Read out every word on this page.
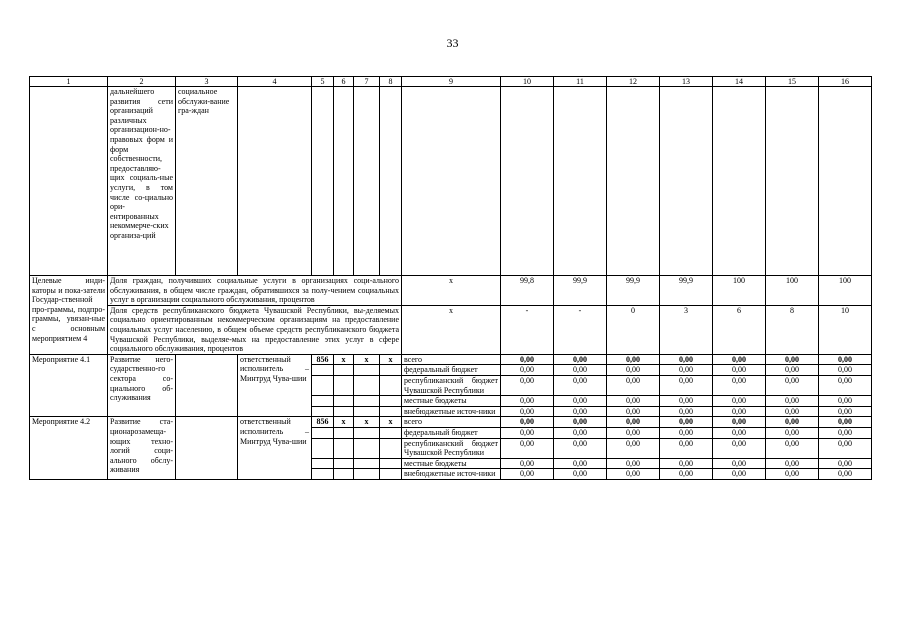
33
1	2	3	4	5	6	7	8	9	10	11	12	13	14	15	16
	дальнейшего развития сети организаций различных организацион-но-правовых форм и форм собственности, предоставляю-щих социаль-ные услуги, в том числе со-циально ори-ентированных некоммерче-ских организа-ций	социальное обслужи-вание гра-ждан													
Целевые инди-каторы и пока-затели Государ-ственной про-граммы, подпро-граммы, увязан-ные с основным мероприятием 4	Доля граждан, получивших социальные услуги в организациях соци-ального обслуживания, в общем числе граждан, обратившихся за полу-чением социальных услуг в организации социального обслуживания, процентов							x	99,8	99,9	99,9	99,9	100	100	100
	Доля средств республиканского бюджета Чувашской Республики, вы-деляемых социально ориентированным некоммерческим организациям на предоставление социальных услуг населению, в общем объеме средств республиканского бюджета Чувашской Республики, выделяе-мых на предоставление этих услуг в сфере социального обслуживания, процентов							x	-	-	0	3	6	8	10
Мероприятие 4.1	Развитие него-сударственно-го сектора со-циального об-служивания		ответственный исполнитель – Минтруд Чува-шии	856	x	x	x	всего	0,00	0,00	0,00	0,00	0,00	0,00	0,00
								федеральный бюджет	0,00	0,00	0,00	0,00	0,00	0,00	0,00
								республиканский бюджет Чувашской Республики	0,00	0,00	0,00	0,00	0,00	0,00	0,00
								местные бюджеты	0,00	0,00	0,00	0,00	0,00	0,00	0,00
								внебюджетные источ-ники	0,00	0,00	0,00	0,00	0,00	0,00	0,00
Мероприятие 4.2	Развитие ста-ционарозамеща-ющих техно-логий соци-ального обслу-живания		ответственный исполнитель – Минтруд Чува-шии	856	x	x	x	всего	0,00	0,00	0,00	0,00	0,00	0,00	0,00
								федеральный бюджет	0,00	0,00	0,00	0,00	0,00	0,00	0,00
								республиканский бюджет Чувашской Республики	0,00	0,00	0,00	0,00	0,00	0,00	0,00
								местные бюджеты	0,00	0,00	0,00	0,00	0,00	0,00	0,00
								внебюджетные источ-ники	0,00	0,00	0,00	0,00	0,00	0,00	0,00
